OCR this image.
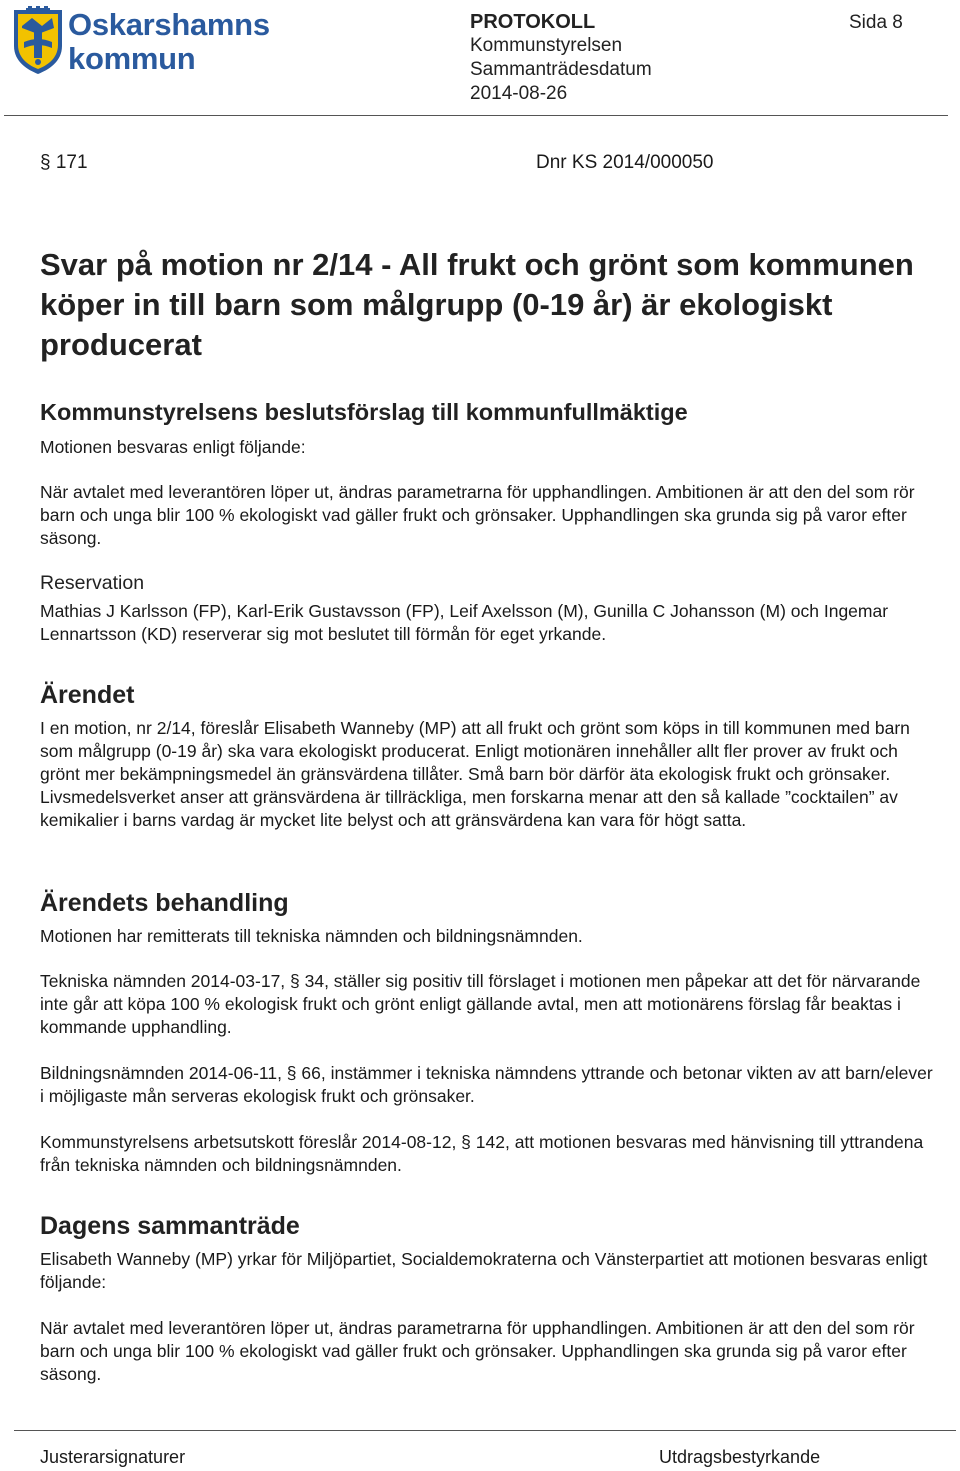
Oskarshamns
kommun
PROTOKOLL
Kommunstyrelsen
Sammanträdesdatum
2014-08-26
Sida 8
§ 171	Dnr KS 2014/000050
Svar på motion nr 2/14 - All frukt och grönt som kommunen köper in till barn som målgrupp (0-19 år) är ekologiskt producerat
Kommunstyrelsens beslutsförslag till kommunfullmäktige
Motionen besvaras enligt följande:
När avtalet med leverantören löper ut, ändras parametrarna för upphandlingen. Ambitionen är att den del som rör barn och unga blir 100 % ekologiskt vad gäller frukt och grönsaker. Upphandlingen ska grunda sig på varor efter säsong.
Reservation
Mathias J Karlsson (FP), Karl-Erik Gustavsson (FP), Leif Axelsson (M), Gunilla C Johansson (M) och Ingemar Lennartsson (KD) reserverar sig mot beslutet till förmån för eget yrkande.
Ärendet
I en motion, nr 2/14, föreslår Elisabeth Wanneby (MP) att all frukt och grönt som köps in till kommunen med barn som målgrupp (0-19 år) ska vara ekologiskt producerat. Enligt motionären innehåller allt fler prover av frukt och grönt mer bekämpningsmedel än gränsvärdena tillåter. Små barn bör därför äta ekologisk frukt och grönsaker. Livsmedelsverket anser att gränsvärdena är tillräckliga, men forskarna menar att den så kallade ”cocktailen” av kemikalier i barns vardag är mycket lite belyst och att gränsvärdena kan vara för högt satta.
Ärendets behandling
Motionen har remitterats till tekniska nämnden och bildningsnämnden.
Tekniska nämnden 2014-03-17, § 34, ställer sig positiv till förslaget i motionen men påpekar att det för närvarande inte går att köpa 100 % ekologisk frukt och grönt enligt gällande avtal, men att motionärens förslag får beaktas i kommande upphandling.
Bildningsnämnden 2014-06-11, § 66, instämmer i tekniska nämndens yttrande och betonar vikten av att barn/elever i möjligaste mån serveras ekologisk frukt och grönsaker.
Kommunstyrelsens arbetsutskott föreslår 2014-08-12, § 142, att motionen besvaras med hänvisning till yttrandena från tekniska nämnden och bildningsnämnden.
Dagens sammanträde
Elisabeth Wanneby (MP) yrkar för Miljöpartiet, Socialdemokraterna och Vänsterpartiet att motionen besvaras enligt följande:
När avtalet med leverantören löper ut, ändras parametrarna för upphandlingen. Ambitionen är att den del som rör barn och unga blir 100 % ekologiskt vad gäller frukt och grönsaker. Upphandlingen ska grunda sig på varor efter säsong.
Justerarsignaturer	Utdragsbestyrkande
